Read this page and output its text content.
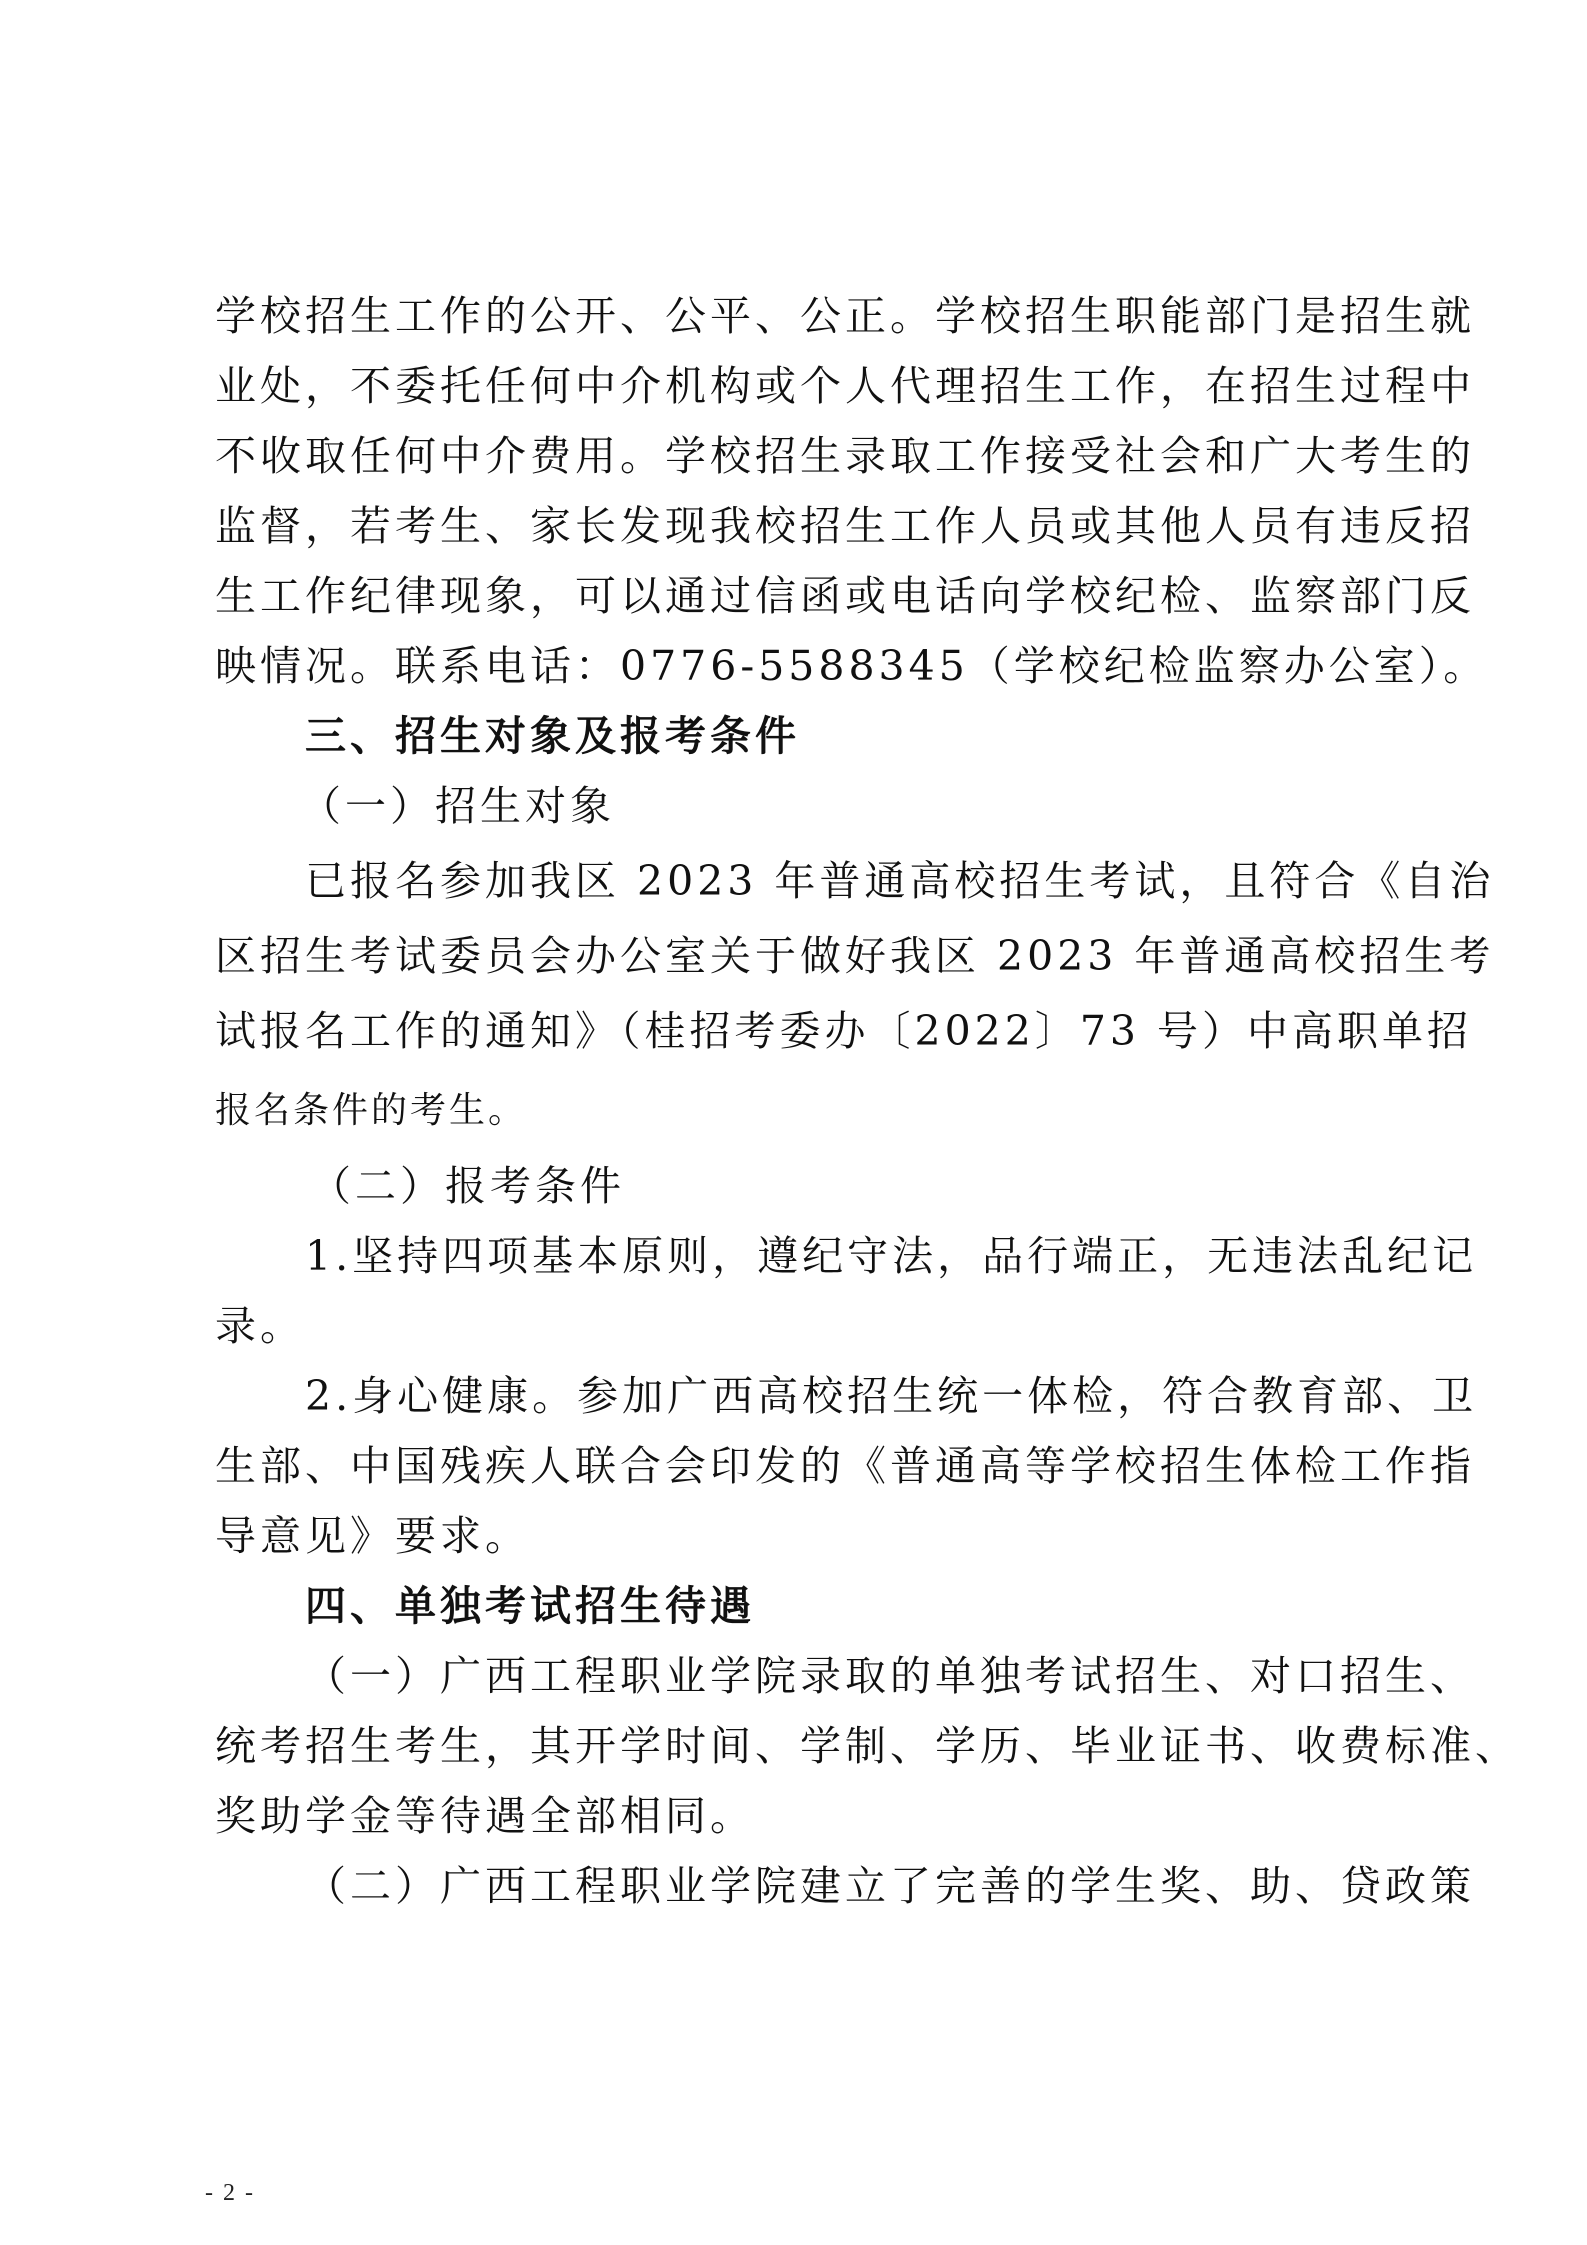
学校招生工作的公开、公平、公正。学校招生职能部门是招生就
业处，不委托任何中介机构或个人代理招生工作，在招生过程中
不收取任何中介费用。学校招生录取工作接受社会和广大考生的
监督，若考生、家长发现我校招生工作人员或其他人员有违反招
生工作纪律现象，可以通过信函或电话向学校纪检、监察部门反
映情况。联系电话：0776-5588345（学校纪检监察办公室）。
三、招生对象及报考条件
（一）招生对象
已报名参加我区 2023 年普通高校招生考试，且符合《自治
区招生考试委员会办公室关于做好我区 2023 年普通高校招生考
试报名工作的通知》（桂招考委办〔2022〕73 号）中高职单招
报名条件的考生。
（二）报考条件
1.坚持四项基本原则，遵纪守法，品行端正，无违法乱纪记
录。
2.身心健康。参加广西高校招生统一体检，符合教育部、卫
生部、中国残疾人联合会印发的《普通高等学校招生体检工作指
导意见》要求。
四、单独考试招生待遇
（一）广西工程职业学院录取的单独考试招生、对口招生、
统考招生考生，其开学时间、学制、学历、毕业证书、收费标准、
奖助学金等待遇全部相同。
（二）广西工程职业学院建立了完善的学生奖、助、贷政策
- 2 -
